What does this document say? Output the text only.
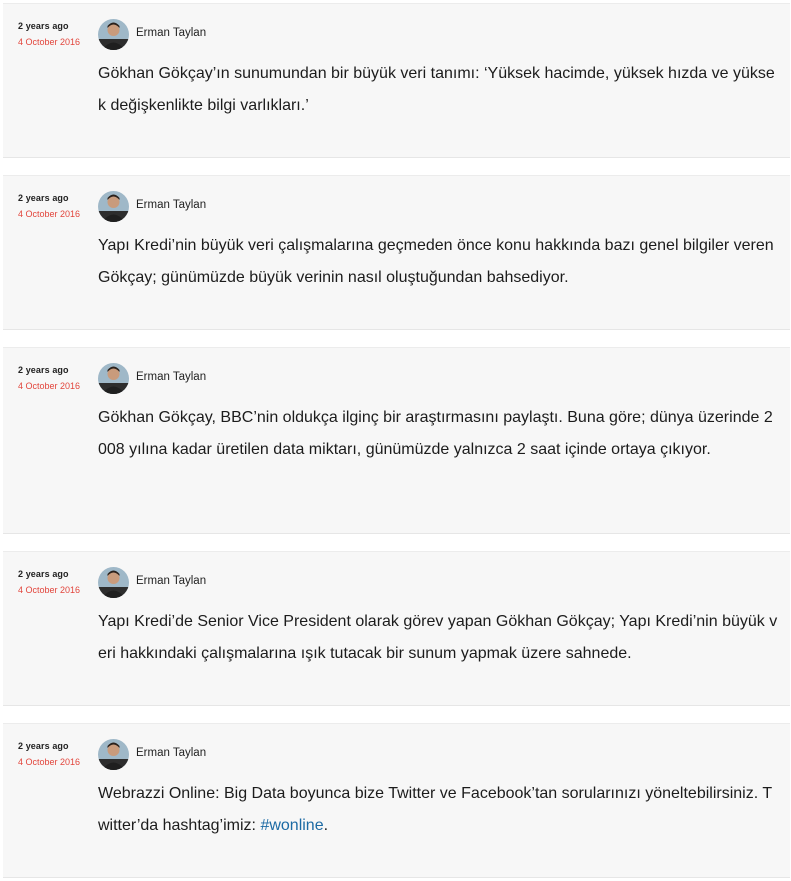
2 years ago
4 October 2016
Erman Taylan

Gökhan Gökçay’ın sunumundan bir büyük veri tanımı: ‘Yüksek hacimde, yüksek hızda ve yüksek değişkenlikte bilgi varlıkları.’

2 years ago
4 October 2016
Erman Taylan

Yapı Kredi’nin büyük veri çalışmalarına geçmeden önce konu hakkında bazı genel bilgiler veren Gökçay; günümüzde büyük verinin nasıl oluştuğundan bahsediyor.

2 years ago
4 October 2016
Erman Taylan

Gökhan Gökçay, BBC’nin oldukça ilginç bir araştırmasını paylaştı. Buna göre; dünya üzerinde 2008 yılına kadar üretilen data miktarı, günümüzde yalnızca 2 saat içinde ortaya çıkıyor.

2 years ago
4 October 2016
Erman Taylan

Yapı Kredi’de Senior Vice President olarak görev yapan Gökhan Gökçay; Yapı Kredi’nin büyük veri hakkındaki çalışmalarına ışık tutacak bir sunum yapmak üzere sahnede.

2 years ago
4 October 2016
Erman Taylan

Webrazzi Online: Big Data boyunca bize Twitter ve Facebook’tan sorularınızı yöneltebilirsiniz. Twitter’da hashtag’imiz: #wonline.
